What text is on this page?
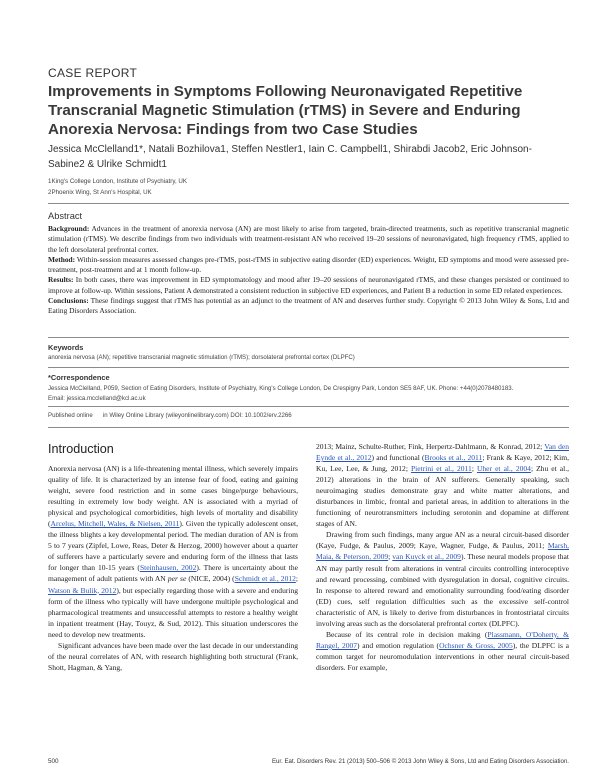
CASE REPORT
Improvements in Symptoms Following Neuronavigated Repetitive Transcranial Magnetic Stimulation (rTMS) in Severe and Enduring Anorexia Nervosa: Findings from two Case Studies
Jessica McClelland1*, Natali Bozhilova1, Steffen Nestler1, Iain C. Campbell1, Shirabdi Jacob2, Eric Johnson-Sabine2 & Ulrike Schmidt1
1King's College London, Institute of Psychiatry, UK
2Phoenix Wing, St Ann's Hospital, UK
Abstract
Background: Advances in the treatment of anorexia nervosa (AN) are most likely to arise from targeted, brain-directed treatments, such as repetitive transcranial magnetic stimulation (rTMS). We describe findings from two individuals with treatment-resistant AN who received 19–20 sessions of neuronavigated, high frequency rTMS, applied to the left dorsolateral prefrontal cortex.
Method: Within-session measures assessed changes pre-rTMS, post-rTMS in subjective eating disorder (ED) experiences. Weight, ED symptoms and mood were assessed pre-treatment, post-treatment and at 1 month follow-up.
Results: In both cases, there was improvement in ED symptomatology and mood after 19–20 sessions of neuronavigated rTMS, and these changes persisted or continued to improve at follow-up. Within sessions, Patient A demonstrated a consistent reduction in subjective ED experiences, and Patient B a reduction in some ED related experiences.
Conclusions: These findings suggest that rTMS has potential as an adjunct to the treatment of AN and deserves further study. Copyright © 2013 John Wiley & Sons, Ltd and Eating Disorders Association.
Keywords
anorexia nervosa (AN); repetitive transcranial magnetic stimulation (rTMS); dorsolateral prefrontal cortex (DLPFC)
*Correspondence
Jessica McClelland, P059, Section of Eating Disorders, Institute of Psychiatry, King's College London, De Crespigny Park, London SE5 8AF, UK. Phone: +44(0)2078480183.
Email: jessica.mcclelland@kcl.ac.uk
Published online      in Wiley Online Library (wileyonlinelibrary.com) DOI: 10.1002/erv.2266
Introduction

Anorexia nervosa (AN) is a life-threatening mental illness, which severely impairs quality of life. It is characterized by an intense fear of food, eating and gaining weight, severe food restriction and in some cases binge/purge behaviours, resulting in extremely low body weight. AN is associated with a myriad of physical and psychological comorbidities, high levels of mortality and disability (Arcelus, Mitchell, Wales, & Nielsen, 2011). Given the typically adolescent onset, the illness blights a key developmental period. The median duration of AN is from 5 to 7 years (Zipfel, Lowe, Reas, Deter & Herzog, 2000) however about a quarter of sufferers have a particularly severe and enduring form of the illness that lasts for longer than 10-15 years (Steinhausen, 2002). There is uncertainty about the management of adult patients with AN per se (NICE, 2004) (Schmidt et al., 2012; Watson & Bulik, 2012), but especially regarding those with a severe and enduring form of the illness who typically will have undergone multiple psychological and pharmacological treatments and unsuccessful attempts to restore a healthy weight in inpatient treatment (Hay, Touyz, & Sud, 2012). This situation underscores the need to develop new treatments.

Significant advances have been made over the last decade in our understanding of the neural correlates of AN, with research highlighting both structural (Frank, Shott, Hagman, & Yang,

2013; Mainz, Schulte-Ruther, Fink, Herpertz-Dahlmann, & Konrad, 2012; Van den Eynde et al., 2012) and functional (Brooks et al., 2011; Frank & Kaye, 2012; Kim, Ku, Lee, Lee, & Jung, 2012; Pietrini et al., 2011; Uher et al., 2004; Zhu et al., 2012) alterations in the brain of AN sufferers. Generally speaking, such neuroimaging studies demonstrate gray and white matter alterations, and disturbances in limbic, frontal and parietal areas, in addition to alterations in the functioning of neurotransmitters including serotonin and dopamine at different stages of AN.

Drawing from such findings, many argue AN as a neural circuit-based disorder (Kaye, Fudge, & Paulus, 2009; Kaye, Wagner, Fudge, & Paulus, 2011; Marsh, Maia, & Peterson, 2009; van Kuyck et al., 2009). These neural models propose that AN may partly result from alterations in ventral circuits controlling interoceptive and reward processing, combined with dysregulation in dorsal, cognitive circuits. In response to altered reward and emotionality surrounding food/eating disorder (ED) cues, self regulation difficulties such as the excessive self-control characteristic of AN, is likely to derive from disturbances in frontostriatal circuits involving areas such as the dorsolateral prefrontal cortex (DLPFC).

Because of its central role in decision making (Plassmann, O'Doherty, & Rangel, 2007) and emotion regulation (Ochsner & Gross, 2005), the DLPFC is a common target for neuromodulation interventions in other neural circuit-based disorders. For example,

500	Eur. Eat. Disorders Rev. 21 (2013) 500–506 © 2013 John Wiley & Sons, Ltd and Eating Disorders Association.
